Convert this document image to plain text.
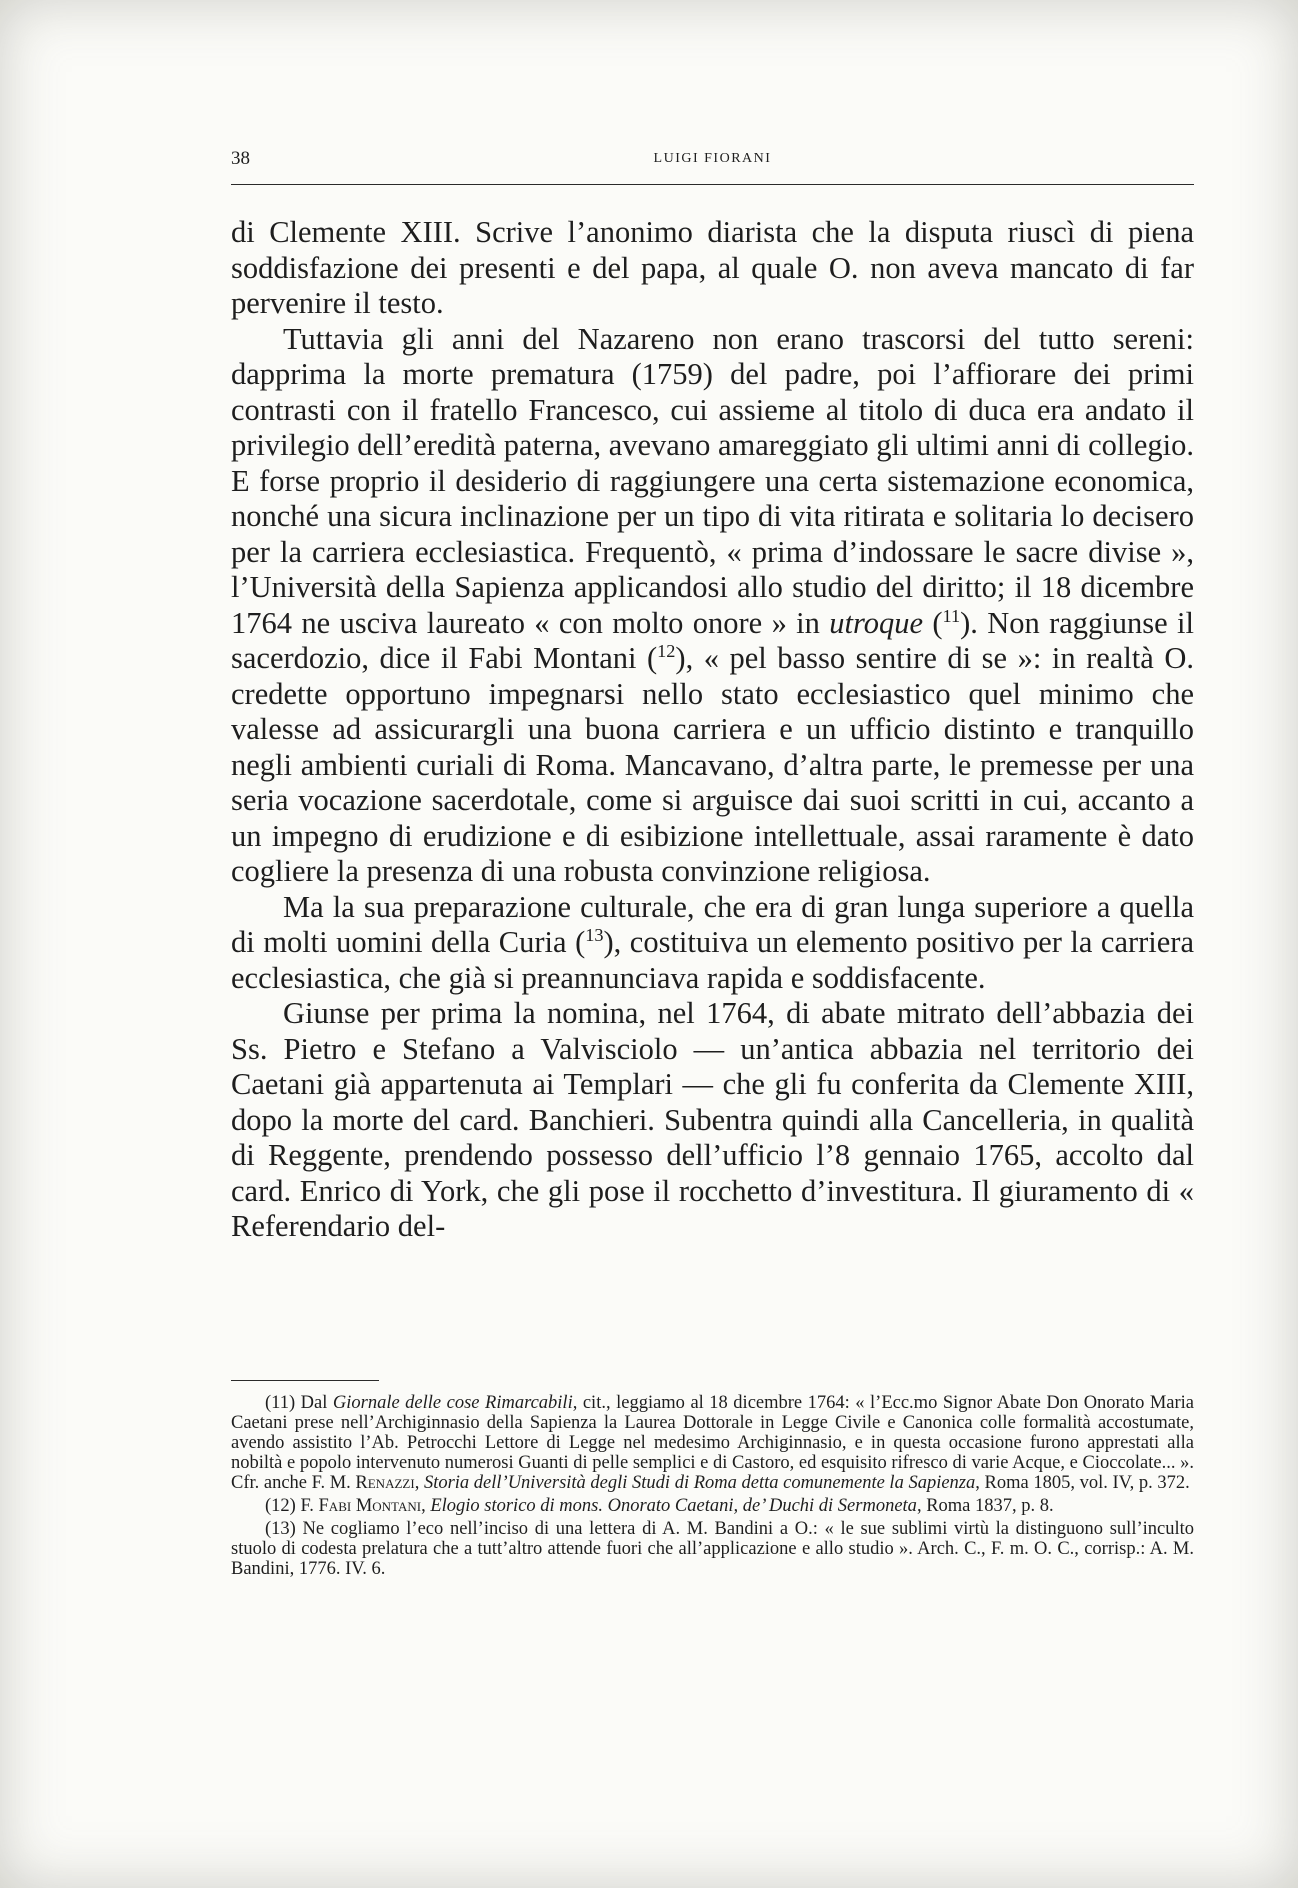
38	LUIGI FIORANI

di Clemente XIII. Scrive l’anonimo diarista che la disputa riuscì di piena soddisfazione dei presenti e del papa, al quale O. non aveva mancato di far pervenire il testo.

Tuttavia gli anni del Nazareno non erano trascorsi del tutto sereni: dapprima la morte prematura (1759) del padre, poi l’affiorare dei primi contrasti con il fratello Francesco, cui assieme al titolo di duca era andato il privilegio dell’eredità paterna, avevano amareggiato gli ultimi anni di collegio. E forse proprio il desiderio di raggiungere una certa sistemazione economica, nonché una sicura inclinazione per un tipo di vita ritirata e solitaria lo decisero per la carriera ecclesiastica. Frequentò, « prima d’indossare le sacre divise », l’Università della Sapienza applicandosi allo studio del diritto; il 18 dicembre 1764 ne usciva laureato « con molto onore » in utroque ($^{11}$). Non raggiunse il sacerdozio, dice il Fabi Montani ($^{12}$), « pel basso sentire di se »: in realtà O. credette opportuno impegnarsi nello stato ecclesiastico quel minimo che valesse ad assicurargli una buona carriera e un ufficio distinto e tranquillo negli ambienti curiali di Roma. Mancavano, d’altra parte, le premesse per una seria vocazione sacerdotale, come si arguisce dai suoi scritti in cui, accanto a un impegno di erudizione e di esibizione intellettuale, assai raramente è dato cogliere la presenza di una robusta convinzione religiosa.

Ma la sua preparazione culturale, che era di gran lunga superiore a quella di molti uomini della Curia ($^{13}$), costituiva un elemento positivo per la carriera ecclesiastica, che già si preannunciava rapida e soddisfacente.

Giunse per prima la nomina, nel 1764, di abate mitrato dell’abbazia dei Ss. Pietro e Stefano a Valvisciolo — un’antica abbazia nel territorio dei Caetani già appartenuta ai Templari — che gli fu conferita da Clemente XIII, dopo la morte del card. Banchieri. Subentra quindi alla Cancelleria, in qualità di Reggente, prendendo possesso dell’ufficio l’8 gennaio 1765, accolto dal card. Enrico di York, che gli pose il rocchetto d’investitura. Il giuramento di « Referendario del-

(11) Dal Giornale delle cose Rimarcabili, cit., leggiamo al 18 dicembre 1764: « l’Ecc.mo Signor Abate Don Onorato Maria Caetani prese nell’Archiginnasio della Sapienza la Laurea Dottorale in Legge Civile e Canonica colle formalità accostumate, avendo assistito l’Ab. Petrocchi Lettore di Legge nel medesimo Archiginnasio, e in questa occasione furono apprestati alla nobiltà e popolo intervenuto numerosi Guanti di pelle semplici e di Castoro, ed esquisito rifresco di varie Acque, e Cioccolate... ». Cfr. anche F. M. Renazzi, Storia dell’Università degli Studi di Roma detta comunemente la Sapienza, Roma 1805, vol. IV, p. 372.

(12) F. Fabi Montani, Elogio storico di mons. Onorato Caetani, de’ Duchi di Sermoneta, Roma 1837, p. 8.

(13) Ne cogliamo l’eco nell’inciso di una lettera di A. M. Bandini a O.: « le sue sublimi virtù la distinguono sull’inculto stuolo di codesta prelatura che a tutt’altro attende fuori che all’applicazione e allo studio ». Arch. C., F. m. O. C., corrisp.: A. M. Bandini, 1776. IV. 6.
